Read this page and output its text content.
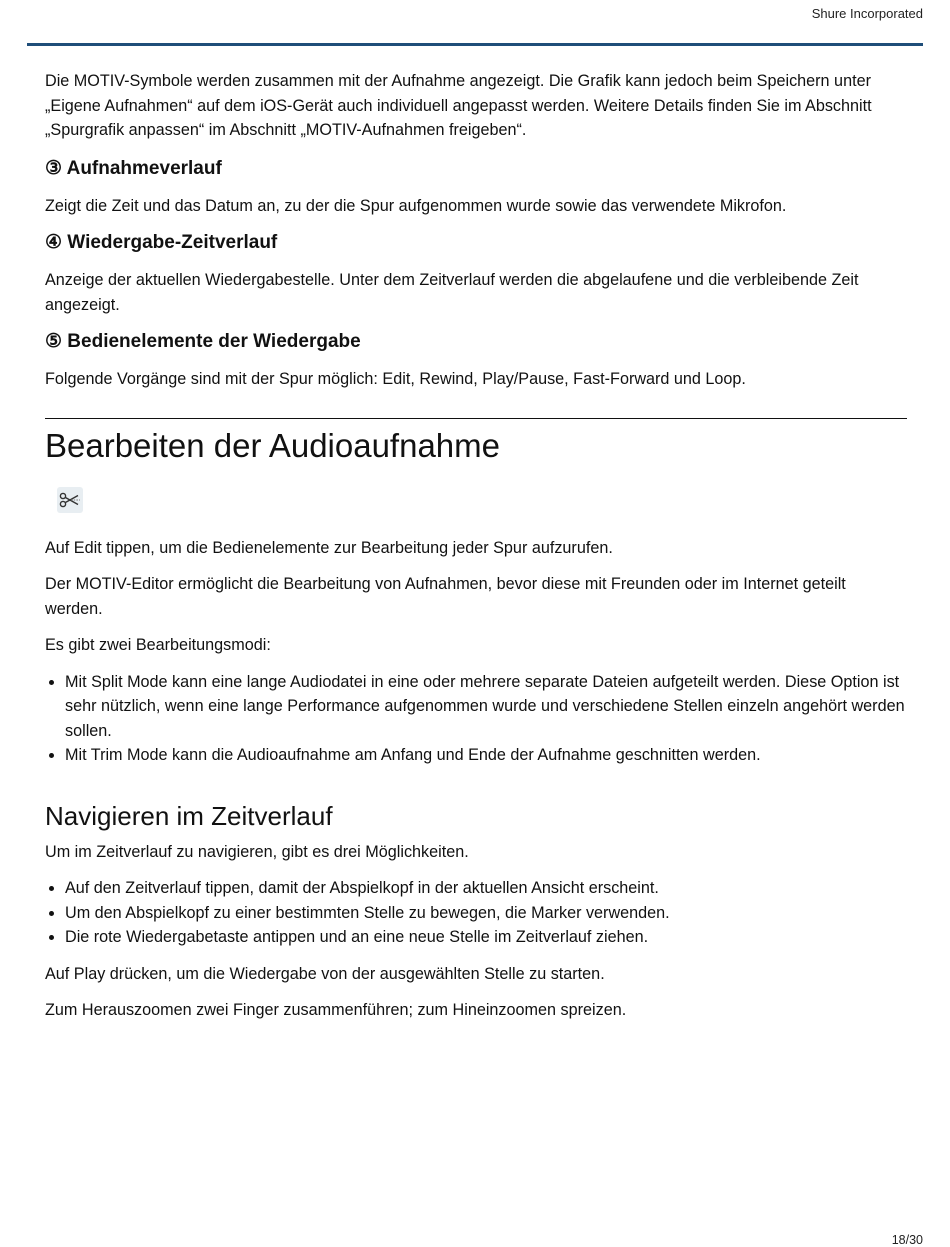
Shure Incorporated

Die MOTIV-Symbole werden zusammen mit der Aufnahme angezeigt. Die Grafik kann jedoch beim Speichern unter „Eigene Aufnahmen“ auf dem iOS-Gerät auch individuell angepasst werden. Weitere Details finden Sie im Abschnitt „Spurgrafik anpassen“ im Abschnitt „MOTIV-Aufnahmen freigeben“.

③ Aufnahmeverlauf

Zeigt die Zeit und das Datum an, zu der die Spur aufgenommen wurde sowie das verwendete Mikrofon.

④ Wiedergabe-Zeitverlauf

Anzeige der aktuellen Wiedergabestelle. Unter dem Zeitverlauf werden die abgelaufene und die verbleibende Zeit angezeigt.

⑤ Bedienelemente der Wiedergabe

Folgende Vorgänge sind mit der Spur möglich: Edit, Rewind, Play/Pause, Fast-Forward und Loop.

Bearbeiten der Audioaufnahme

Auf Edit tippen, um die Bedienelemente zur Bearbeitung jeder Spur aufzurufen.

Der MOTIV-Editor ermöglicht die Bearbeitung von Aufnahmen, bevor diese mit Freunden oder im Internet geteilt werden.

Es gibt zwei Bearbeitungsmodi:

• Mit Split Mode kann eine lange Audiodatei in eine oder mehrere separate Dateien aufgeteilt werden. Diese Option ist sehr nützlich, wenn eine lange Performance aufgenommen wurde und verschiedene Stellen einzeln angehört werden sollen.
• Mit Trim Mode kann die Audioaufnahme am Anfang und Ende der Aufnahme geschnitten werden.
Navigieren im Zeitverlauf

Um im Zeitverlauf zu navigieren, gibt es drei Möglichkeiten.

• Auf den Zeitverlauf tippen, damit der Abspielkopf in der aktuellen Ansicht erscheint.
• Um den Abspielkopf zu einer bestimmten Stelle zu bewegen, die Marker verwenden.
• Die rote Wiedergabetaste antippen und an eine neue Stelle im Zeitverlauf ziehen.

Auf Play drücken, um die Wiedergabe von der ausgewählten Stelle zu starten.

Zum Herauszoomen zwei Finger zusammenführen; zum Hineinzoomen spreizen.

18/30
